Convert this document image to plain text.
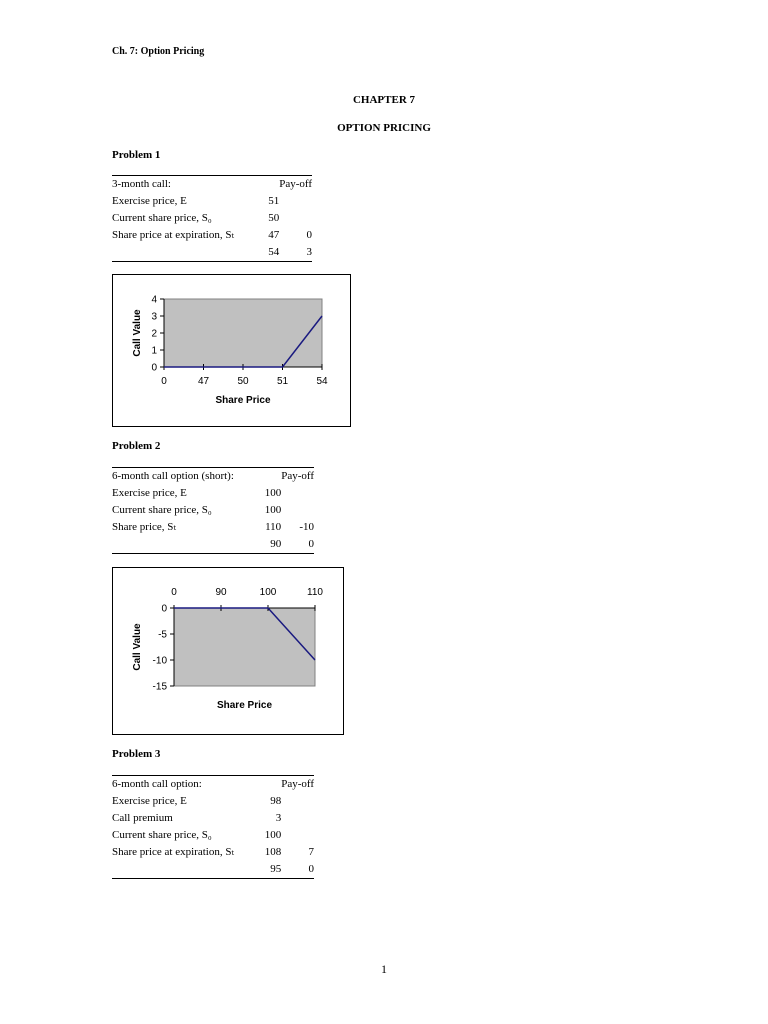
Ch. 7: Option Pricing
CHAPTER 7
OPTION PRICING
Problem 1
3-month call:		Pay-off
Exercise price, E	51	
Current share price, S₀	50	
Share price at expiration, Sₜ	47	0
	54	3
0
1
2
3
4
0	47	50	51	54
Share Price
Call Value
Problem 2
6-month call option (short):		Pay-off
Exercise price, E	100	
Current share price, S₀	100	
Share price, Sₜ	110	-10
	90	0
0
-5
-10
-15
0	90	100	110
Share Price
Call Value
Problem 3
6-month call option:		Pay-off
Exercise price, E	98	
Call premium	3	
Current share price, S₀	100	
Share price at expiration, Sₜ	108	7
	95	0
1
